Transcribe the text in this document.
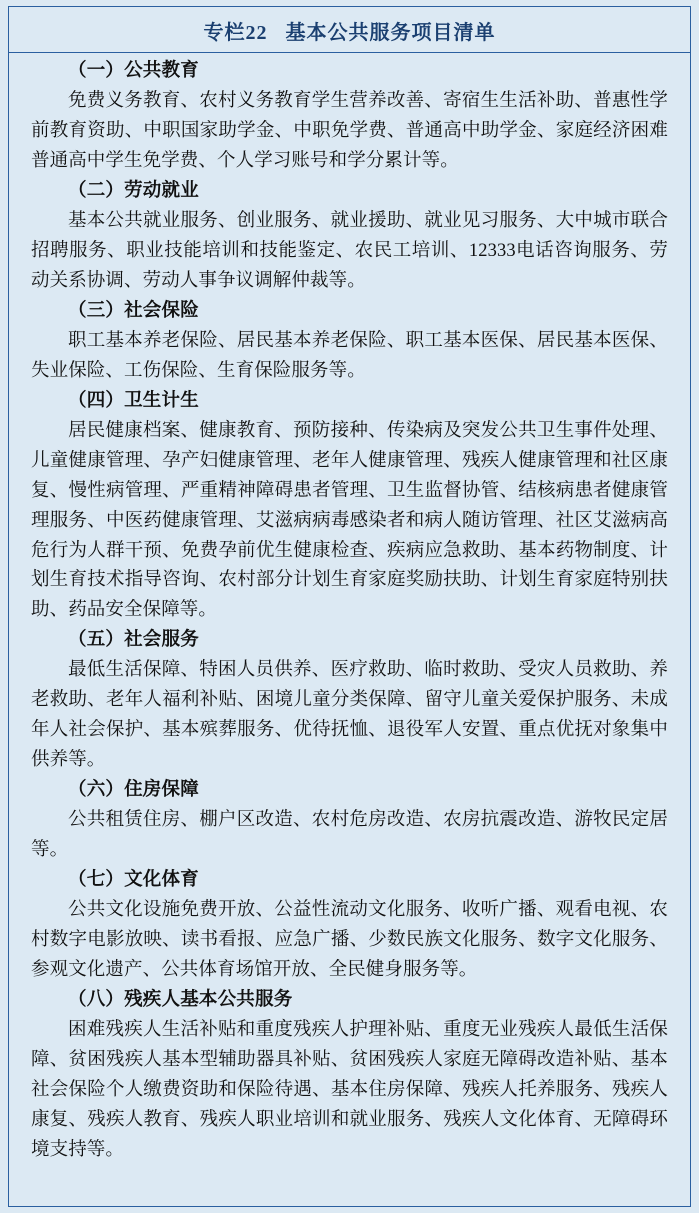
专栏22 基本公共服务项目清单

（一）公共教育

免费义务教育、农村义务教育学生营养改善、寄宿生生活补助、普惠性学前教育资助、中职国家助学金、中职免学费、普通高中助学金、家庭经济困难普通高中学生免学费、个人学习账号和学分累计等。

（二）劳动就业

基本公共就业服务、创业服务、就业援助、就业见习服务、大中城市联合招聘服务、职业技能培训和技能鉴定、农民工培训、12333电话咨询服务、劳动关系协调、劳动人事争议调解仲裁等。

（三）社会保险

职工基本养老保险、居民基本养老保险、职工基本医保、居民基本医保、失业保险、工伤保险、生育保险服务等。

（四）卫生计生

居民健康档案、健康教育、预防接种、传染病及突发公共卫生事件处理、儿童健康管理、孕产妇健康管理、老年人健康管理、残疾人健康管理和社区康复、慢性病管理、严重精神障碍患者管理、卫生监督协管、结核病患者健康管理服务、中医药健康管理、艾滋病病毒感染者和病人随访管理、社区艾滋病高危行为人群干预、免费孕前优生健康检查、疾病应急救助、基本药物制度、计划生育技术指导咨询、农村部分计划生育家庭奖励扶助、计划生育家庭特别扶助、药品安全保障等。

（五）社会服务

最低生活保障、特困人员供养、医疗救助、临时救助、受灾人员救助、养老救助、老年人福利补贴、困境儿童分类保障、留守儿童关爱保护服务、未成年人社会保护、基本殡葬服务、优待抚恤、退役军人安置、重点优抚对象集中供养等。

（六）住房保障

公共租赁住房、棚户区改造、农村危房改造、农房抗震改造、游牧民定居等。

（七）文化体育

公共文化设施免费开放、公益性流动文化服务、收听广播、观看电视、农村数字电影放映、读书看报、应急广播、少数民族文化服务、数字文化服务、参观文化遗产、公共体育场馆开放、全民健身服务等。

（八）残疾人基本公共服务

困难残疾人生活补贴和重度残疾人护理补贴、重度无业残疾人最低生活保障、贫困残疾人基本型辅助器具补贴、贫困残疾人家庭无障碍改造补贴、基本社会保险个人缴费资助和保险待遇、基本住房保障、残疾人托养服务、残疾人康复、残疾人教育、残疾人职业培训和就业服务、残疾人文化体育、无障碍环境支持等。
